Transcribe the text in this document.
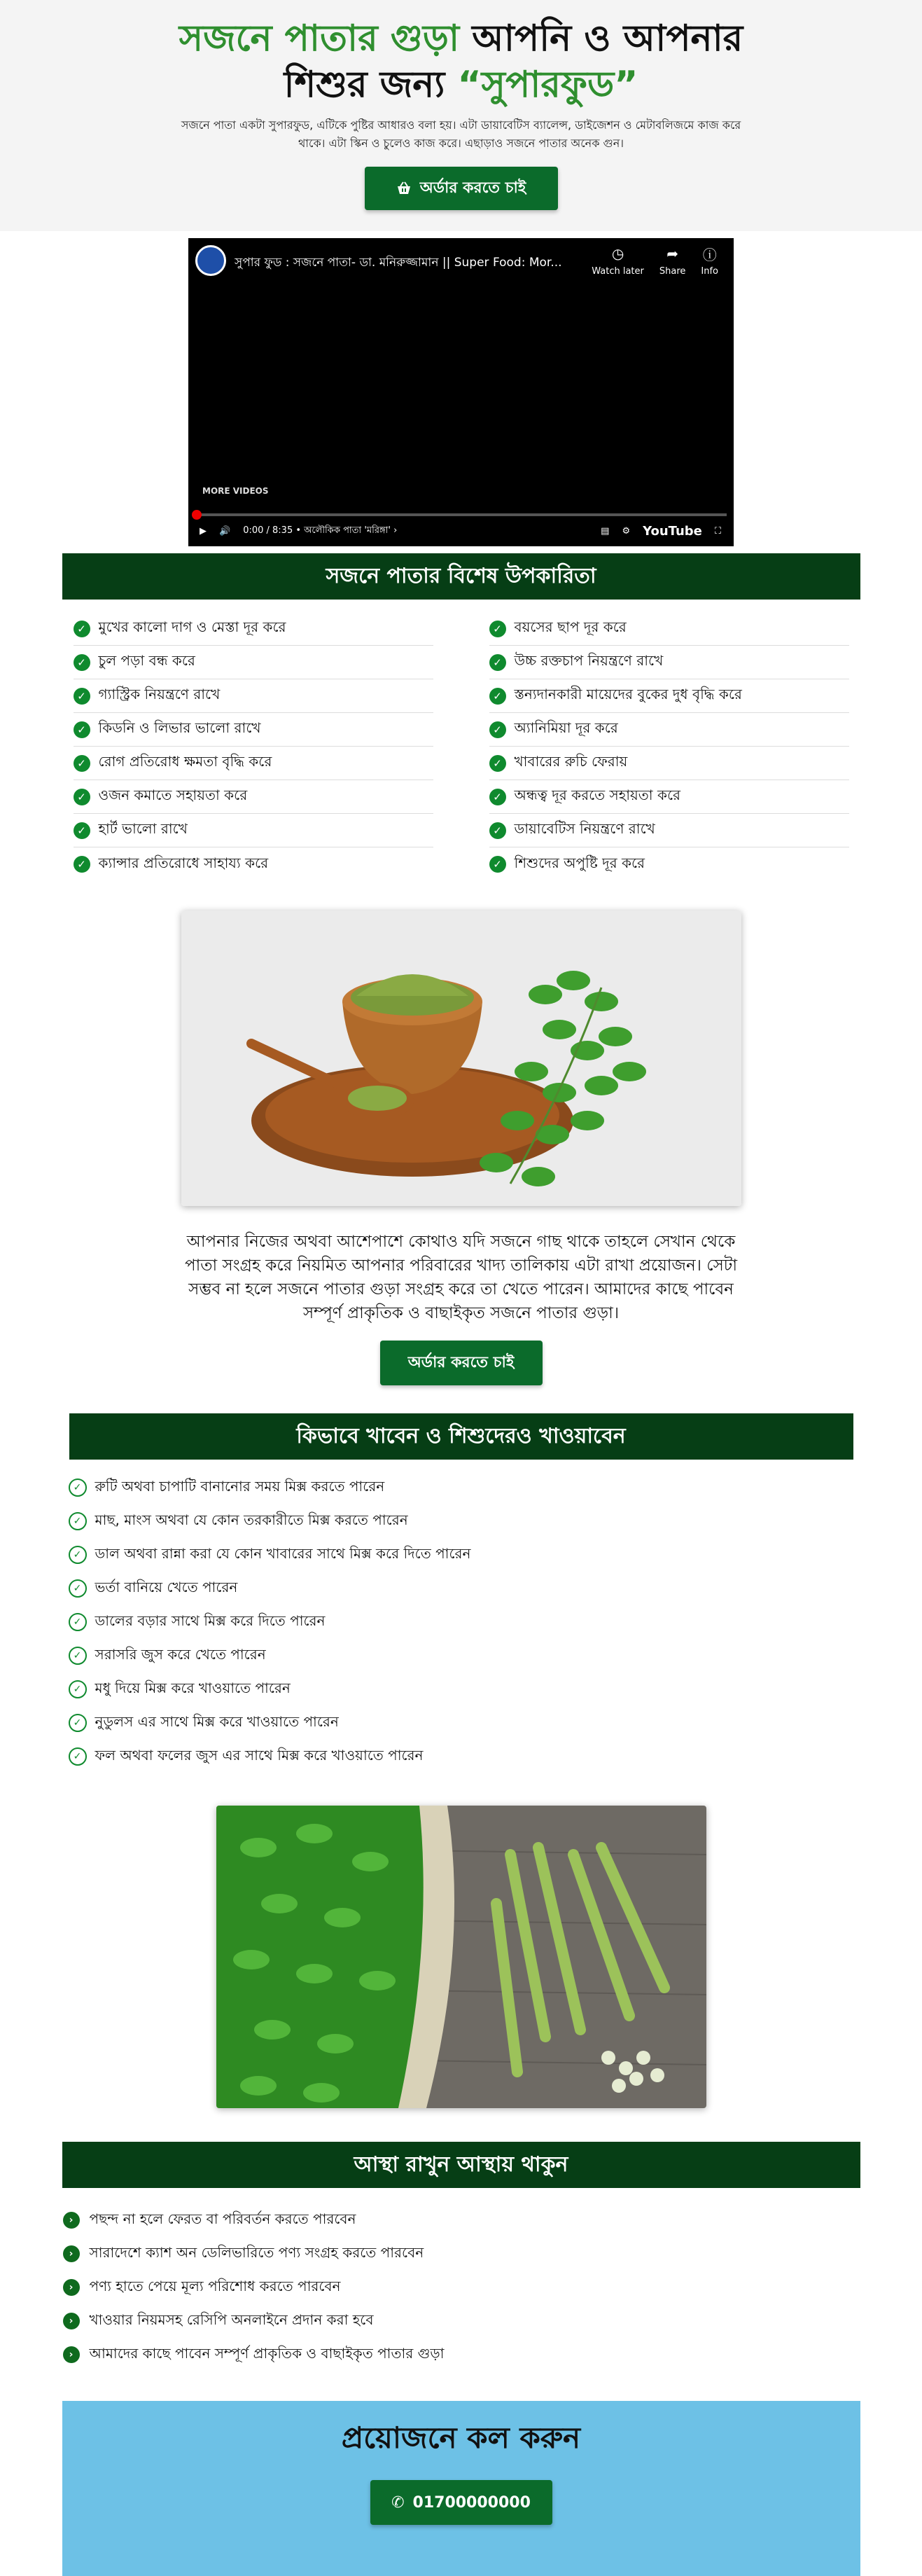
সজনে পাতার গুড়া আপনি ও আপনার
শিশুর জন্য “সুপারফুড”

সজনে পাতা একটা সুপারফুড, এটিকে পুষ্টির আধারও বলা হয়। এটা ডায়াবেটিস ব্যালেন্স, ডাইজেশন ও মেটাবলিজমে কাজ করে থাকে। এটা স্কিন ও চুলেও কাজ করে। এছাড়াও সজনে পাতার অনেক গুন।

অর্ডার করতে চাই
সুপার ফুড : সজনে পাতা- ডা. মনিরুজ্জামান || Super Food: Mor...
◷
Watch later
➦
Share
ⓘ
Info
MORE VIDEOS
▶ 🔊 0:00 / 8:35 • অলৌকিক পাতা 'মরিঙ্গা' ›	▤ ⚙ YouTube ⛶
সজনে পাতার বিশেষ উপকারিতা
✓ মুখের কালো দাগ ও মেস্তা দূর করে
✓ চুল পড়া বন্ধ করে
✓ গ্যাস্ট্রিক নিয়ন্ত্রণে রাখে
✓ কিডনি ও লিভার ভালো রাখে
✓ রোগ প্রতিরোধ ক্ষমতা বৃদ্ধি করে
✓ ওজন কমাতে সহায়তা করে
✓ হার্ট ভালো রাখে
✓ ক্যান্সার প্রতিরোধে সাহায্য করে
✓ বয়সের ছাপ দূর করে
✓ উচ্চ রক্তচাপ নিয়ন্ত্রণে রাখে
✓ স্তন্যদানকারী মায়েদের বুকের দুধ বৃদ্ধি করে
✓ অ্যানিমিয়া দূর করে
✓ খাবারের রুচি ফেরায়
✓ অন্ধত্ব দূর করতে সহায়তা করে
✓ ডায়াবেটিস নিয়ন্ত্রণে রাখে
✓ শিশুদের অপুষ্টি দূর করে

আপনার নিজের অথবা আশেপাশে কোথাও যদি সজনে গাছ থাকে তাহলে সেখান থেকে পাতা সংগ্রহ করে নিয়মিত আপনার পরিবারের খাদ্য তালিকায় এটা রাখা প্রয়োজন। সেটা সম্ভব না হলে সজনে পাতার গুড়া সংগ্রহ করে তা খেতে পারেন। আমাদের কাছে পাবেন সম্পূর্ণ প্রাকৃতিক ও বাছাইকৃত সজনে পাতার গুড়া।

অর্ডার করতে চাই
কিভাবে খাবেন ও শিশুদেরও খাওয়াবেন
✓ রুটি অথবা চাপাটি বানানোর সময় মিক্স করতে পারেন
✓ মাছ, মাংস অথবা যে কোন তরকারীতে মিক্স করতে পারেন
✓ ডাল অথবা রান্না করা যে কোন খাবারের সাথে মিক্স করে দিতে পারেন
✓ ভর্তা বানিয়ে খেতে পারেন
✓ ডালের বড়ার সাথে মিক্স করে দিতে পারেন
✓ সরাসরি জুস করে খেতে পারেন
✓ মধু দিয়ে মিক্স করে খাওয়াতে পারেন
✓ নুডুলস এর সাথে মিক্স করে খাওয়াতে পারেন
✓ ফল অথবা ফলের জুস এর সাথে মিক্স করে খাওয়াতে পারেন
আস্থা রাখুন আস্থায় থাকুন
›	পছন্দ না হলে ফেরত বা পরিবর্তন করতে পারবেন
›	সারাদেশে ক্যাশ অন ডেলিভারিতে পণ্য সংগ্রহ করতে পারবেন
›	পণ্য হাতে পেয়ে মূল্য পরিশোধ করতে পারবেন
›	খাওয়ার নিয়মসহ রেসিপি অনলাইনে প্রদান করা হবে
›	আমাদের কাছে পাবেন সম্পূর্ণ প্রাকৃতিক ও বাছাইকৃত পাতার গুড়া
প্রয়োজনে কল করুন
✆ 01700000000
